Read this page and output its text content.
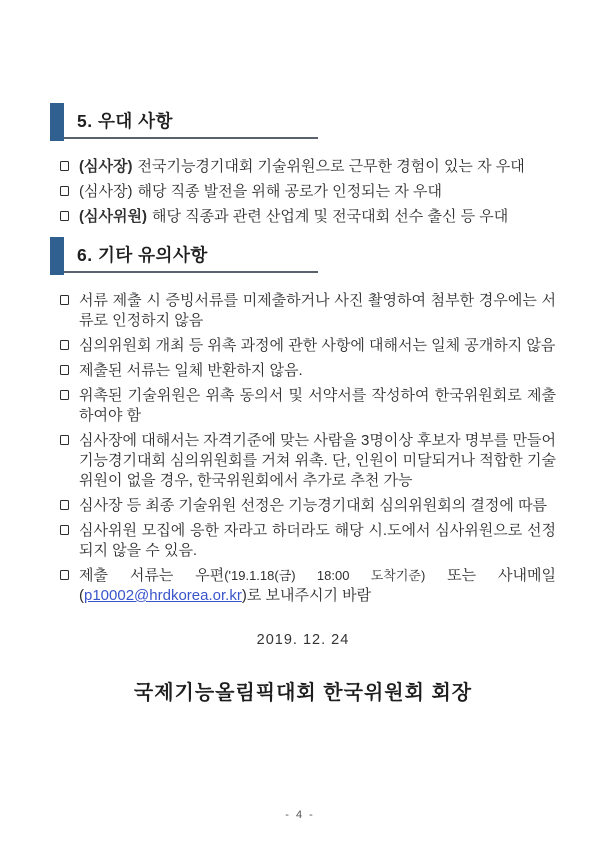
5. 우대 사항
(심사장) 전국기능경기대회 기술위원으로 근무한 경험이 있는 자 우대
(심사장) 해당 직종 발전을 위해 공로가 인정되는 자 우대
(심사위원) 해당 직종과 관련 산업계 및 전국대회 선수 출신 등 우대
6. 기타 유의사항
서류 제출 시 증빙서류를 미제출하거나 사진 촬영하여 첨부한 경우에는 서류로 인정하지 않음
심의위원회 개최 등 위촉 과정에 관한 사항에 대해서는 일체 공개하지 않음
제출된 서류는 일체 반환하지 않음.
위촉된 기술위원은 위촉 동의서 및 서약서를 작성하여 한국위원회로 제출하여야 함
심사장에 대해서는 자격기준에 맞는 사람을 3명이상 후보자 명부를 만들어 기능경기대회 심의위원회를 거쳐 위촉. 단, 인원이 미달되거나 적합한 기술위원이 없을 경우, 한국위원회에서 추가로 추천 가능
심사장 등 최종 기술위원 선정은 기능경기대회 심의위원회의 결정에 따름
심사위원 모집에 응한 자라고 하더라도 해당 시.도에서 심사위원으로 선정되지 않을 수 있음.
제출 서류는 우편('19.1.18(금) 18:00 도착기준) 또는 사내메일(p10002@hrdkorea.or.kr)로 보내주시기 바람
2019. 12. 24
국제기능올림픽대회 한국위원회 회장
- 4 -
